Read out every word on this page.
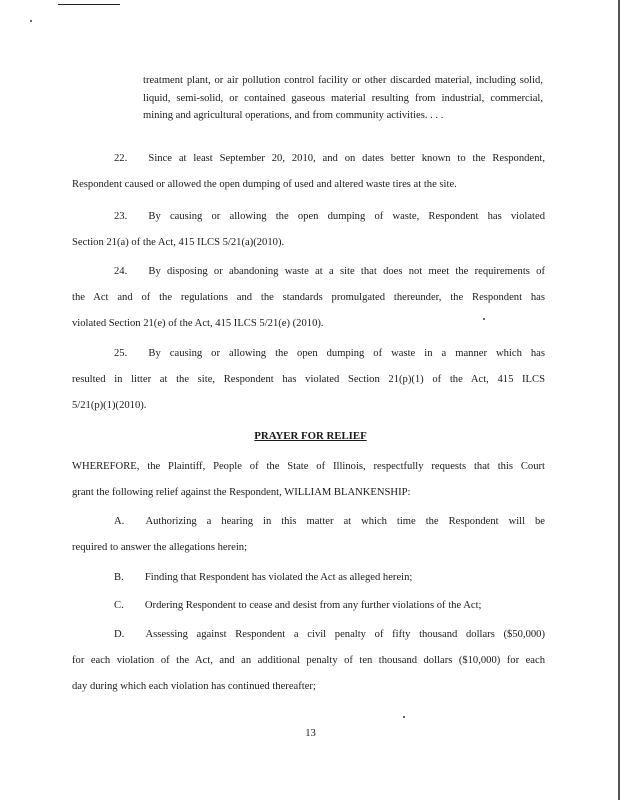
treatment plant, or air pollution control facility or other discarded material, including solid, liquid, semi-solid, or contained gaseous material resulting from industrial, commercial, mining and agricultural operations, and from community activities. . . .
22.  Since at least September 20, 2010, and on dates better known to the Respondent,
Respondent caused or allowed the open dumping of used and altered waste tires at the site.
23.  By causing or allowing the open dumping of waste, Respondent has violated
Section 21(a) of the Act, 415 ILCS 5/21(a)(2010).
24.  By disposing or abandoning waste at a site that does not meet the requirements of
the Act and of the regulations and the standards promulgated thereunder, the Respondent has
violated Section 21(e) of the Act, 415 ILCS 5/21(e) (2010).
25.  By causing or allowing the open dumping of waste in a manner which has
resulted in litter at the site, Respondent has violated Section 21(p)(1) of the Act, 415 ILCS
5/21(p)(1)(2010).
PRAYER FOR RELIEF
WHEREFORE, the Plaintiff, People of the State of Illinois, respectfully requests that this Court
grant the following relief against the Respondent, WILLIAM BLANKENSHIP:
A.  Authorizing a hearing in this matter at which time the Respondent will be
required to answer the allegations herein;
B.  Finding that Respondent has violated the Act as alleged herein;
C.  Ordering Respondent to cease and desist from any further violations of the Act;
D.  Assessing against Respondent a civil penalty of fifty thousand dollars ($50,000)
for each violation of the Act, and an additional penalty of ten thousand dollars ($10,000) for each
day during which each violation has continued thereafter;
13
